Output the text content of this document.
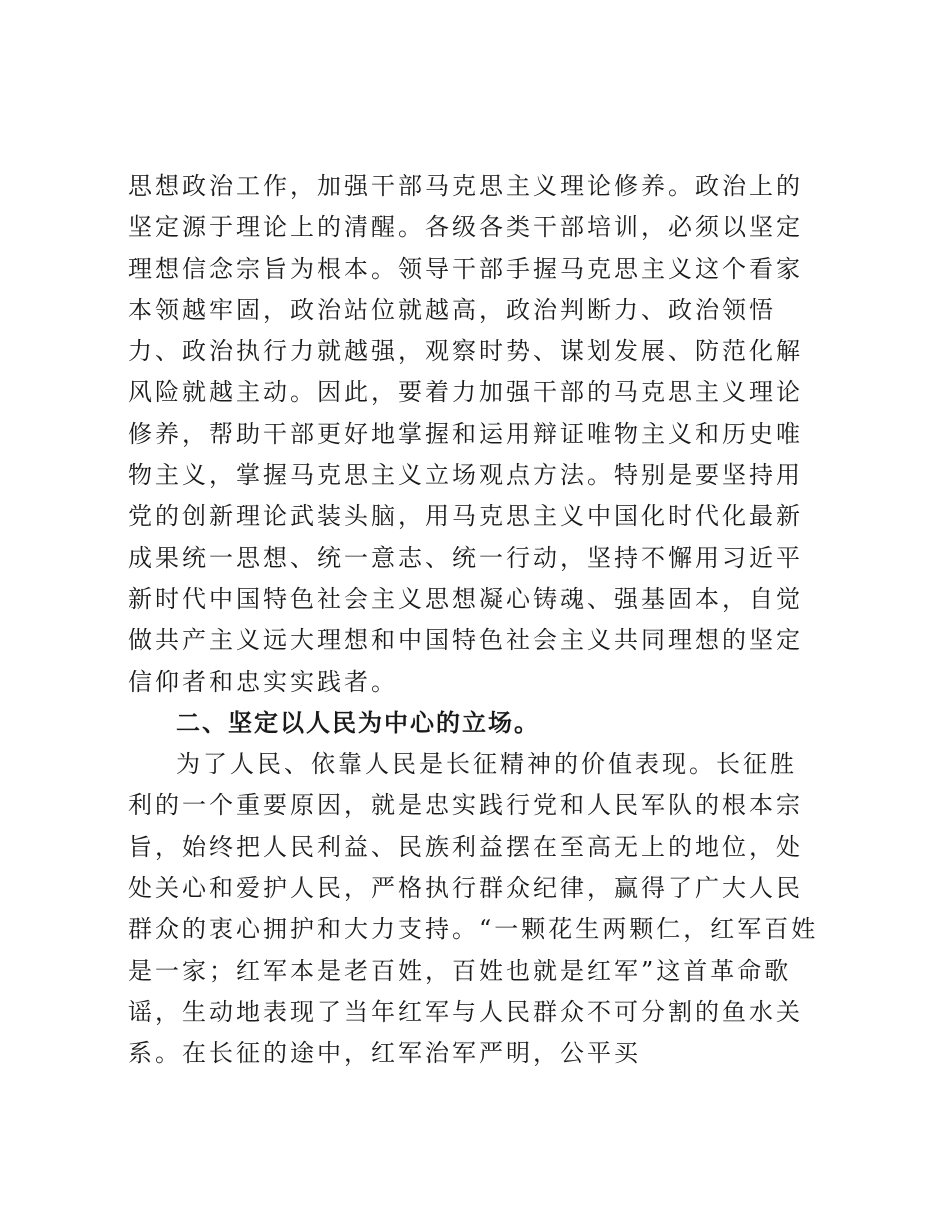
思想政治工作，加强干部马克思主义理论修养。政治上的坚定源于理论上的清醒。各级各类干部培训，必须以坚定理想信念宗旨为根本。领导干部手握马克思主义这个看家本领越牢固，政治站位就越高，政治判断力、政治领悟力、政治执行力就越强，观察时势、谋划发展、防范化解风险就越主动。因此，要着力加强干部的马克思主义理论修养，帮助干部更好地掌握和运用辩证唯物主义和历史唯物主义，掌握马克思主义立场观点方法。特别是要坚持用党的创新理论武装头脑，用马克思主义中国化时代化最新成果统一思想、统一意志、统一行动，坚持不懈用习近平新时代中国特色社会主义思想凝心铸魂、强基固本，自觉做共产主义远大理想和中国特色社会主义共同理想的坚定信仰者和忠实实践者。

二、坚定以人民为中心的立场。

为了人民、依靠人民是长征精神的价值表现。长征胜利的一个重要原因，就是忠实践行党和人民军队的根本宗旨，始终把人民利益、民族利益摆在至高无上的地位，处处关心和爱护人民，严格执行群众纪律，赢得了广大人民群众的衷心拥护和大力支持。“一颗花生两颗仁，红军百姓是一家；红军本是老百姓，百姓也就是红军”这首革命歌谣，生动地表现了当年红军与人民群众不可分割的鱼水关系。在长征的途中，红军治军严明，公平买
